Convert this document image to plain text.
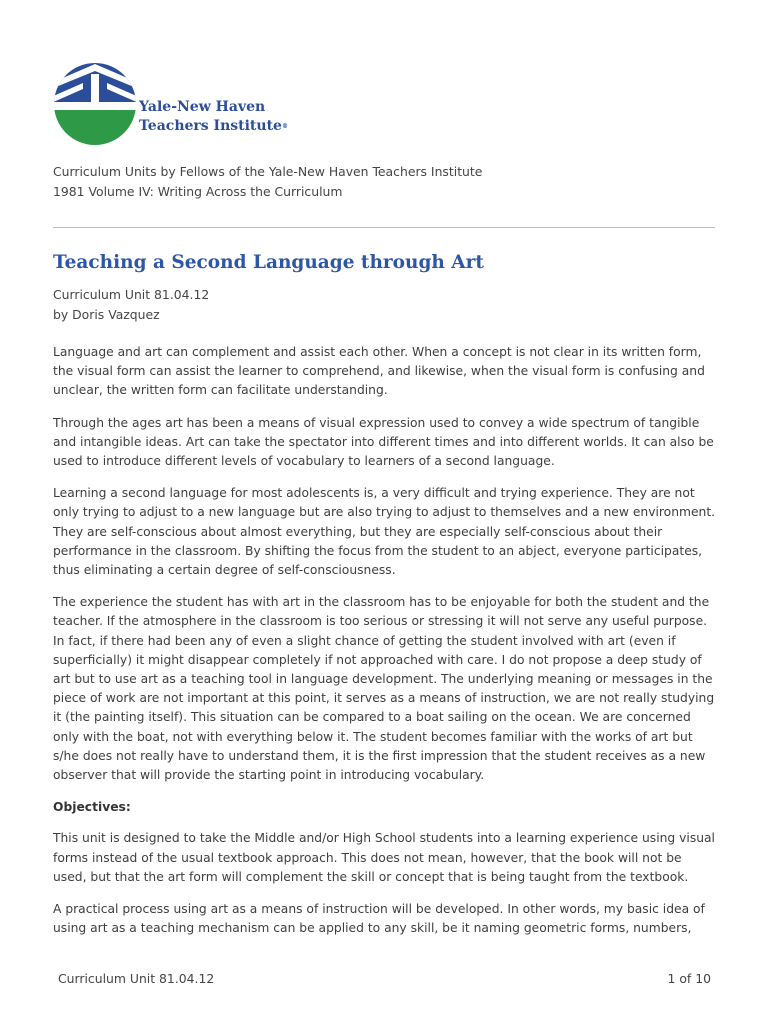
Yale-New Haven
Teachers Institute®
Curriculum Units by Fellows of the Yale-New Haven Teachers Institute
1981 Volume IV: Writing Across the Curriculum
Teaching a Second Language through Art
Curriculum Unit 81.04.12
by Doris Vazquez

Language and art can complement and assist each other. When a concept is not clear in its written form, the visual form can assist the learner to comprehend, and likewise, when the visual form is confusing and unclear, the written form can facilitate understanding.

Through the ages art has been a means of visual expression used to convey a wide spectrum of tangible and intangible ideas. Art can take the spectator into different times and into different worlds. It can also be used to introduce different levels of vocabulary to learners of a second language.

Learning a second language for most adolescents is, a very difficult and trying experience. They are not only trying to adjust to a new language but are also trying to adjust to themselves and a new environment. They are self-conscious about almost everything, but they are especially self-conscious about their performance in the classroom. By shifting the focus from the student to an abject, everyone participates, thus eliminating a certain degree of self-consciousness.

The experience the student has with art in the classroom has to be enjoyable for both the student and the teacher. If the atmosphere in the classroom is too serious or stressing it will not serve any useful purpose. In fact, if there had been any of even a slight chance of getting the student involved with art (even if superficially) it might disappear completely if not approached with care. I do not propose a deep study of art but to use art as a teaching tool in language development. The underlying meaning or messages in the piece of work are not important at this point, it serves as a means of instruction, we are not really studying it (the painting itself). This situation can be compared to a boat sailing on the ocean. We are concerned only with the boat, not with everything below it. The student becomes familiar with the works of art but s/he does not really have to understand them, it is the first impression that the student receives as a new observer that will provide the starting point in introducing vocabulary.

Objectives:

This unit is designed to take the Middle and/or High School students into a learning experience using visual forms instead of the usual textbook approach. This does not mean, however, that the book will not be used, but that the art form will complement the skill or concept that is being taught from the textbook.

A practical process using art as a means of instruction will be developed. In other words, my basic idea of using art as a teaching mechanism can be applied to any skill, be it naming geometric forms, numbers,

Curriculum Unit 81.04.12	1 of 10
